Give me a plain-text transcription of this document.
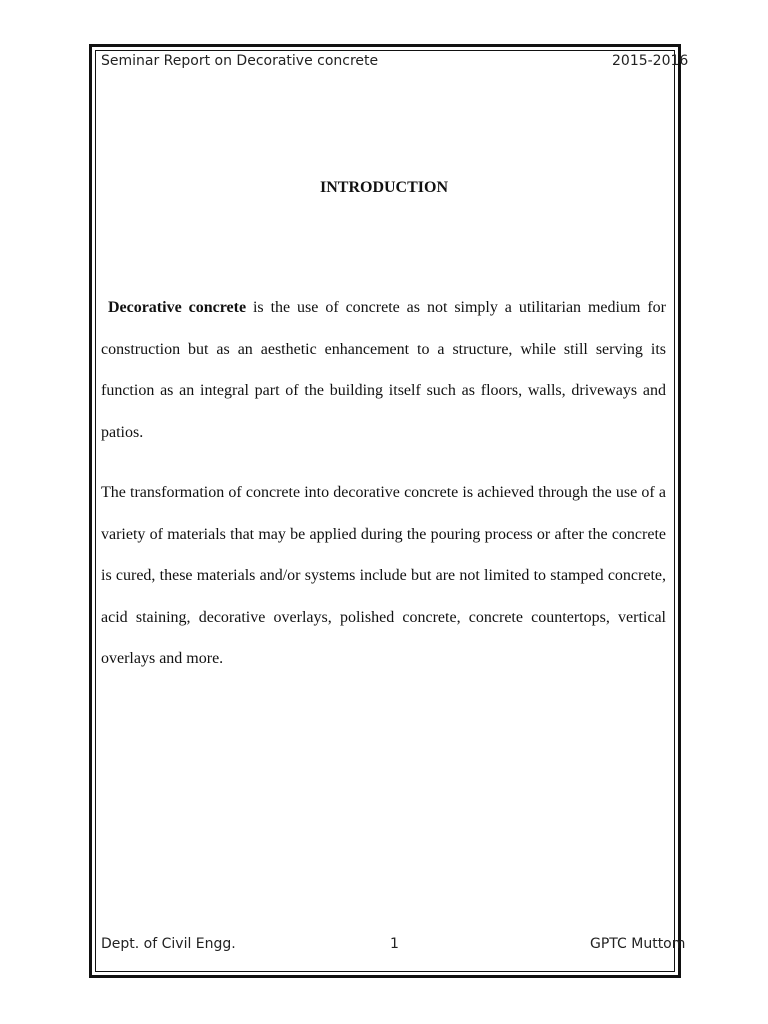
Seminar Report on Decorative concrete	2015-2016
INTRODUCTION

Decorative concrete is the use of concrete as not simply a utilitarian medium for construction but as an aesthetic enhancement to a structure, while still serving its function as an integral part of the building itself such as floors, walls, driveways and patios.

The transformation of concrete into decorative concrete is achieved through the use of a variety of materials that may be applied during the pouring process or after the concrete is cured, these materials and/or systems include but are not limited to stamped concrete, acid staining, decorative overlays, polished concrete, concrete countertops, vertical overlays and more.

Dept. of Civil Engg.	1	GPTC Muttom
